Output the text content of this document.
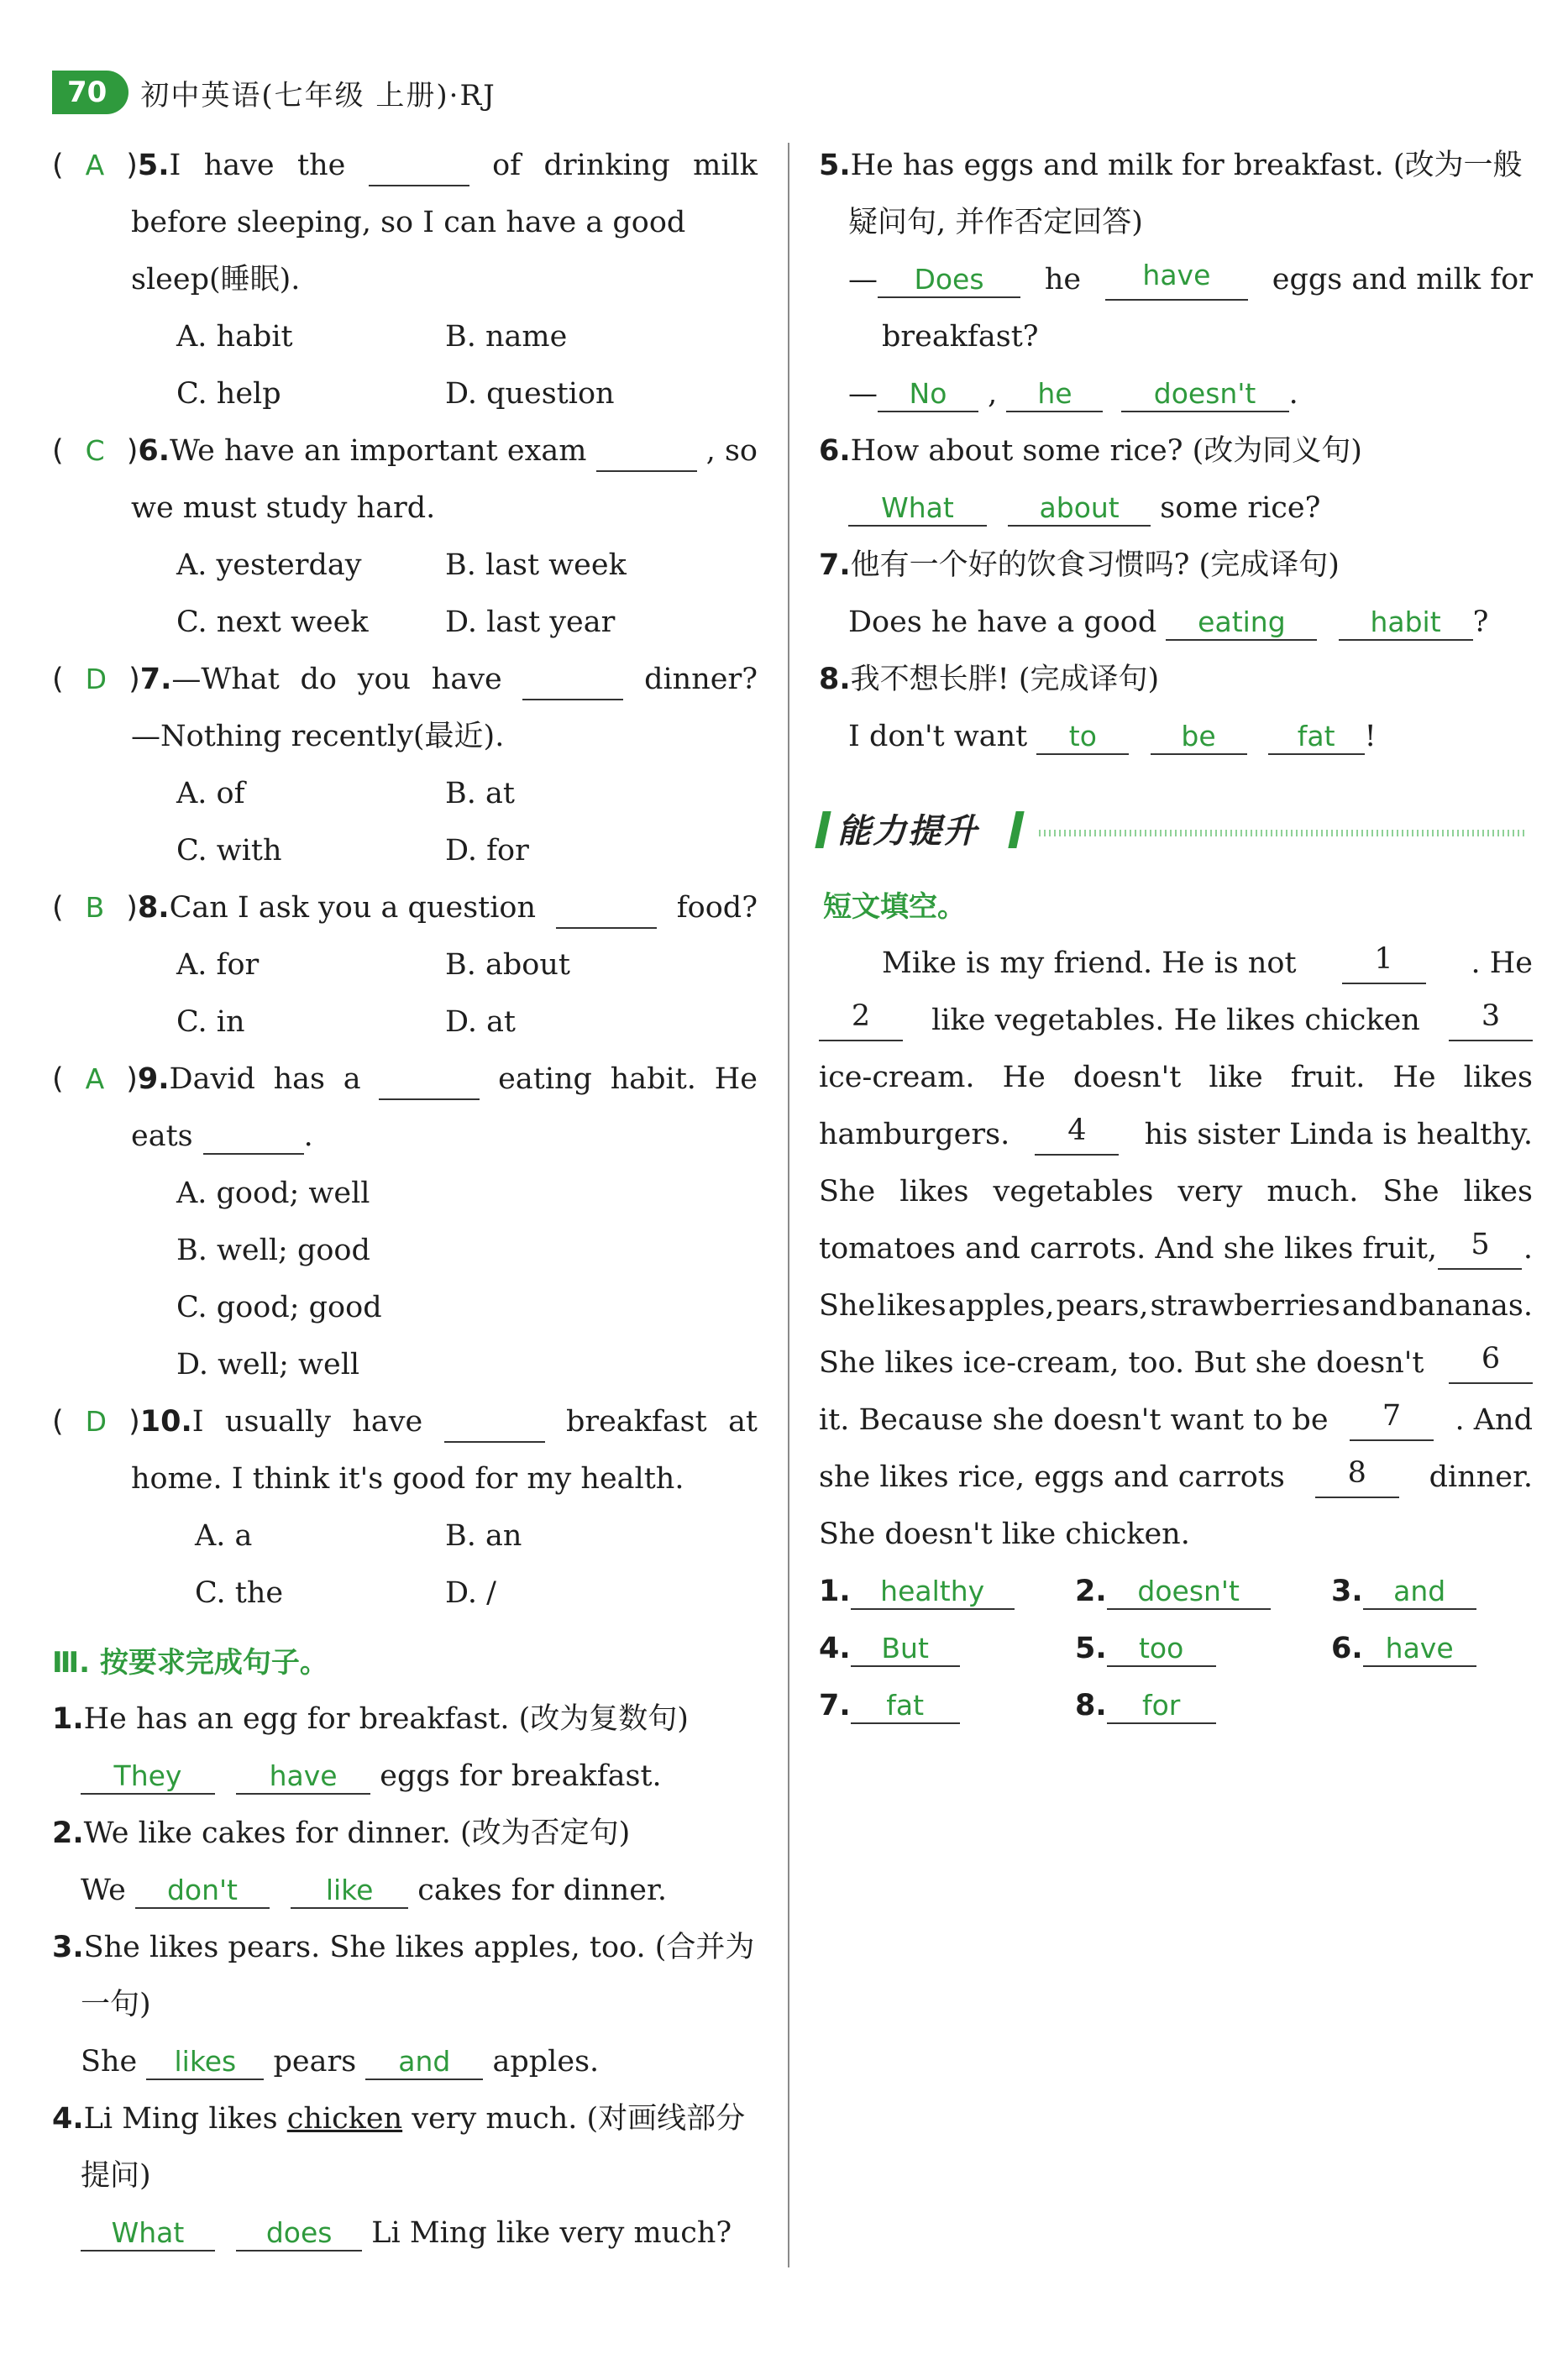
70	初中英语(七年级 上册)·RJ
( A )5.I have the
	of drinking milk
before sleeping, so I can have a good
sleep(睡眠).
A. habit	B. name
C. help	D. question
( C )6.We have an important exam
	, so
we must study hard.
A. yesterday	B. last week
C. next week	D. last year
( D )7.—What do you have
	dinner?
—Nothing recently(最近).
A. of	B. at
C. with	D. for
( B )8.Can I ask you a question
	food?
A. for	B. about
C. in	D. at
( A )9.David has a
	eating habit. He
eats	.
A. good; well
B. well; good
C. good; good
D. well; well
( D )10.I usually have
	breakfast at
home. I think it's good for my health.
A. a	B. an
C. the	D. /
Ⅲ. 按要求完成句子。
1.He has an egg for breakfast. (改为复数句)
They	have eggs for breakfast.
2.We like cakes for dinner. (改为否定句)
We don't	like cakes for dinner.
3.She likes pears. She likes apples, too. (合并为
一句)
She likes pears and apples.
4.Li Ming likes chicken very much. (对画线部分
提问)
What	does Li Ming like very much?
5.He has eggs and milk for breakfast. (改为一般
疑问句, 并作否定回答)
— Does	he	have	eggs and milk for
breakfast?
— No , he	doesn't .
6.How about some rice? (改为同义句)
What	about some rice?
7.他有一个好的饮食习惯吗? (完成译句)
Does he have a good eating	habit ?
8.我不想长胖! (完成译句)
I don't want to	be	fat !
能力提升
短文填空。
Mike is my friend. He is not	1	. He
2	like vegetables. He likes chicken	3
ice-cream. He doesn't like fruit. He likes
hamburgers.	4	his sister Linda is healthy.
She likes vegetables very much. She likes
tomatoes and carrots. And she likes fruit,	5	.
She likes apples, pears, strawberries and bananas.
She likes ice-cream, too. But she doesn't	6
it. Because she doesn't want to be	7	. And
she likes rice, eggs and carrots	8	dinner.
She doesn't like chicken.
1. healthy	2. doesn't	3. and
4. But	5. too	6. have
7. fat	8. for
